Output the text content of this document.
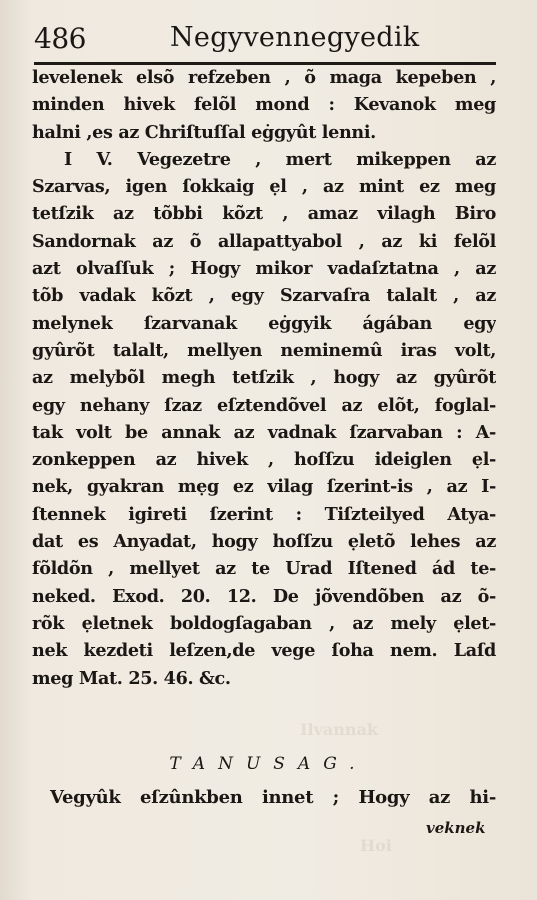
Ilvannak
Hoi
486	Negyvennegyedik
levelenek elsõ refzeben , õ maga kepeben ,
minden hivek felõl mond : Kevanok meg
halni ,es az Chriſtuſſal eġgyût lenni.
I V. Vegezetre , mert mikeppen az
Szarvas, igen ſokkaig ẹl , az mint ez meg
tetſzik az tõbbi kõzt , amaz vilagh Biro
Sandornak az õ allapattyabol , az ki felõl
azt olvaſſuk ; Hogy mikor vadaſztatna , az
tõb vadak kõzt , egy Szarvaſra talalt , az
melynek ſzarvanak eġgyik ágában egy
gyûrõt talalt, mellyen neminemû iras volt,
az melybõl megh tetſzik , hogy az gyûrõt
egy nehany ſzaz eſztendõvel az elõt, foglal-
tak volt be annak az vadnak ſzarvaban : A-
zonkeppen az hivek , hoſſzu ideiglen ẹl-
nek, gyakran mẹg ez vilag ſzerint-is , az I-
ſtennek igireti ſzerint : Tiſzteilyed Atya-
dat es Anyadat, hogy hoſſzu ẹletõ lehes az
fõldõn , mellyet az te Urad Iſtened ád te-
neked. Exod. 20. 12. De jõvendõben az õ-
rõk ẹletnek boldogſagaban , az mely ẹlet-
nek kezdeti leſzen,de vege ſoha nem. Laſd
meg Mat. 25. 46. &c.
TANUSAG.
Vegyûk eſzûnkben innet ; Hogy az hi-
veknek
